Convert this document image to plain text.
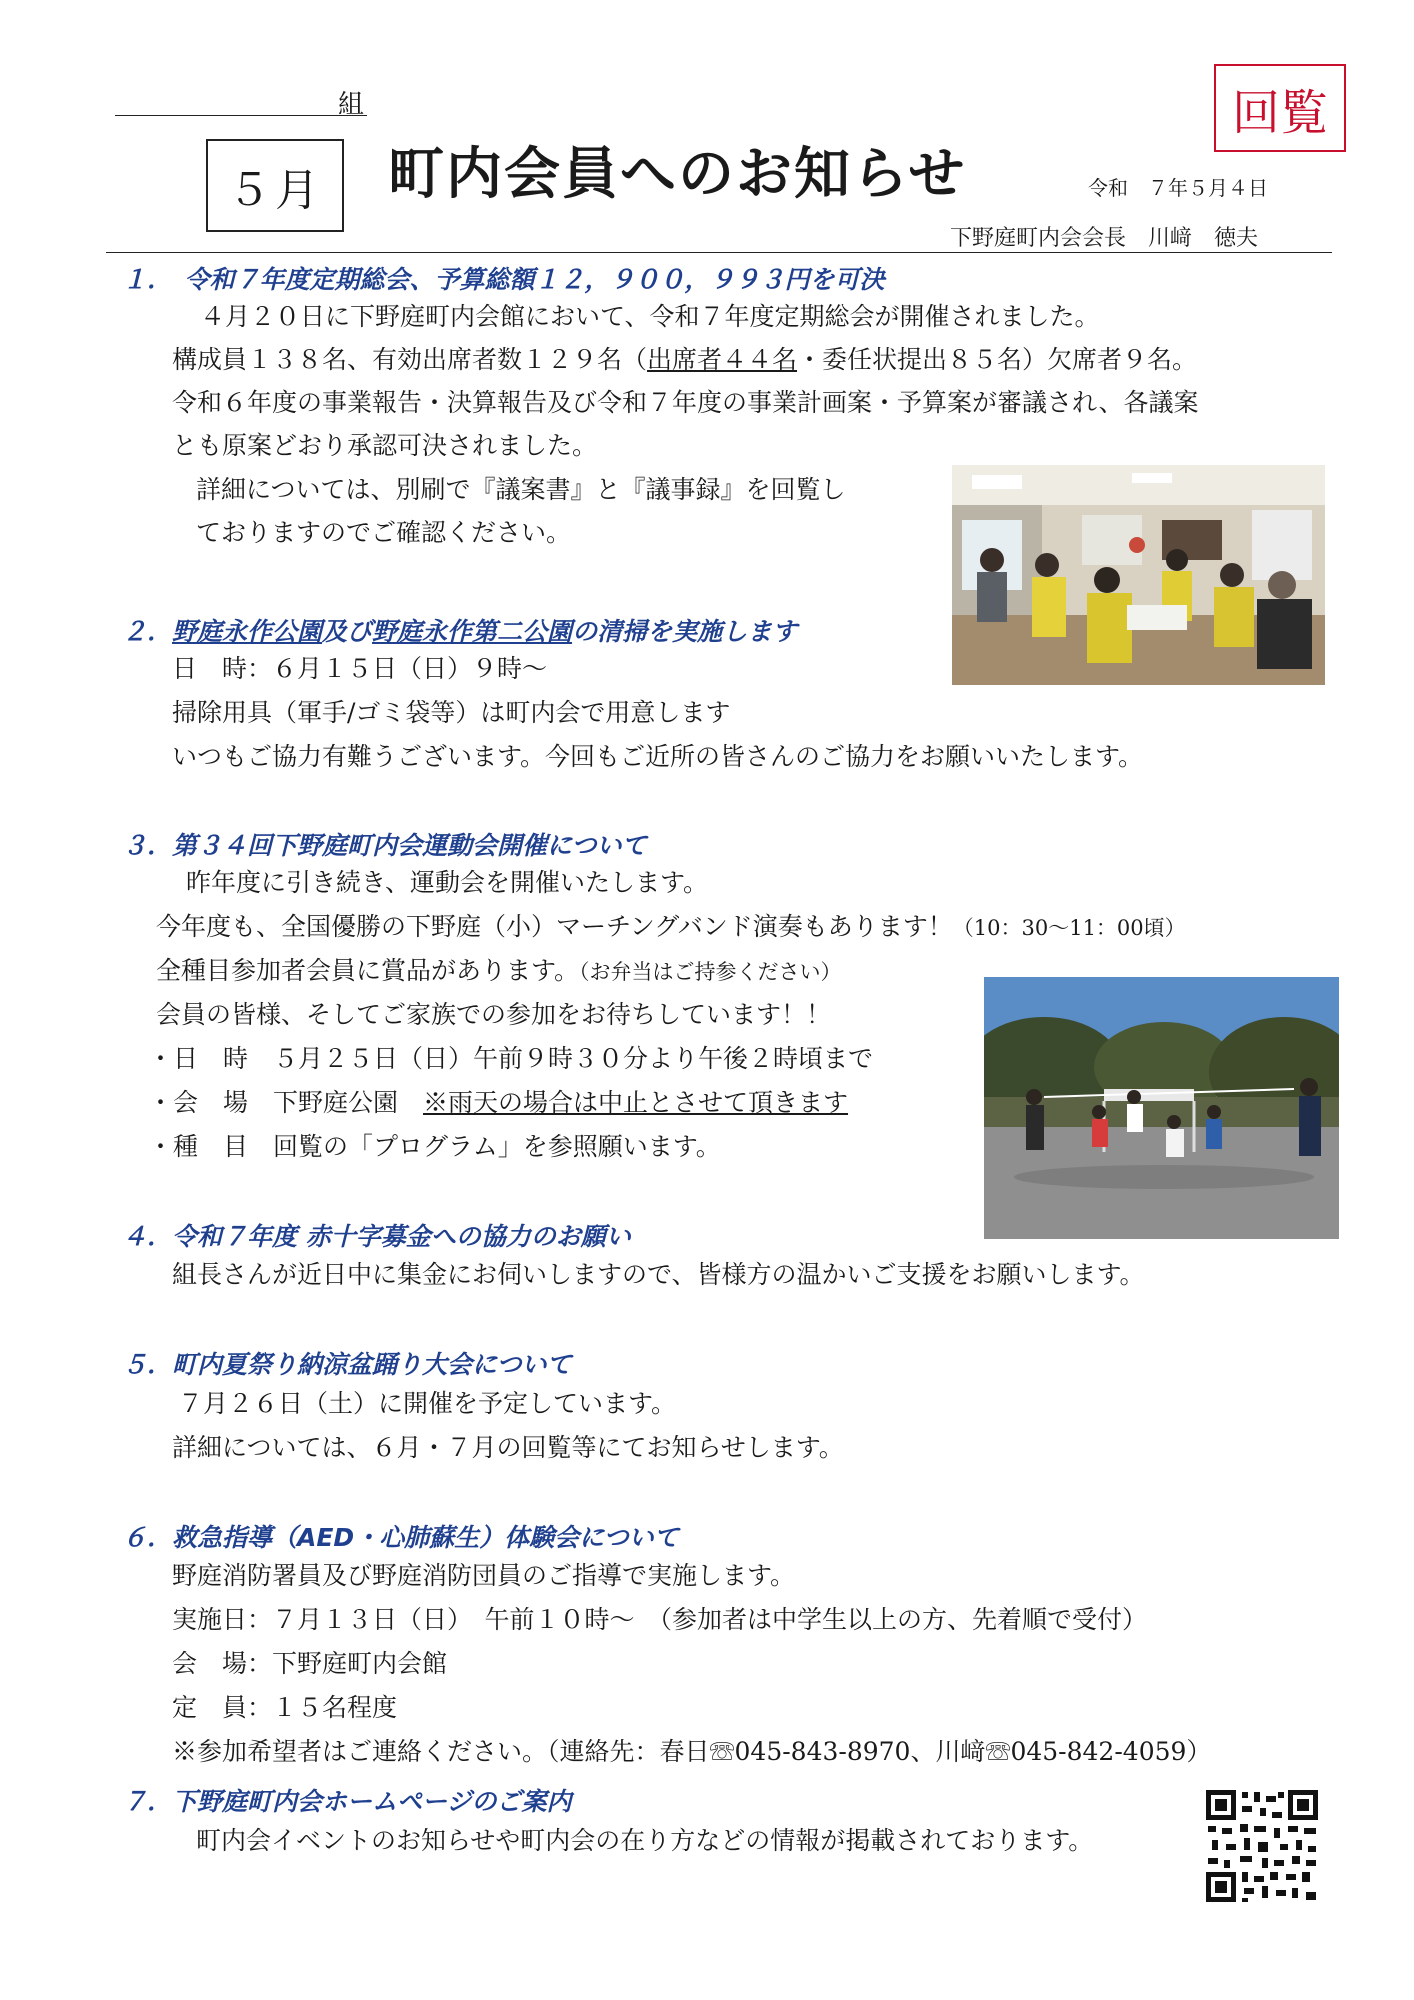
組
５月	町内会員へのお知らせ
回覧
令和　７年５月４日
下野庭町内会会長　川﨑　徳夫
１．　令和７年度定期総会、予算総額１２，９００，９９３円を可決
４月２０日に下野庭町内会館において、令和７年度定期総会が開催されました。
構成員１３８名、有効出席者数１２９名（出席者４４名・委任状提出８５名）欠席者９名。
令和６年度の事業報告・決算報告及び令和７年度の事業計画案・予算案が審議され、各議案
とも原案どおり承認可決されました。
詳細については、別刷で『議案書』と『議事録』を回覧し
ておりますのでご確認ください。
２．野庭永作公園及び野庭永作第二公園の清掃を実施します
日　時：６月１５日（日）９時～
掃除用具（軍手/ゴミ袋等）は町内会で用意します
いつもご協力有難うございます。今回もご近所の皆さんのご協力をお願いいたします。
３．第３４回下野庭町内会運動会開催について
昨年度に引き続き、運動会を開催いたします。
今年度も、全国優勝の下野庭（小）マーチングバンド演奏もあります！（10：30～11：00頃）
全種目参加者会員に賞品があります。（お弁当はご持参ください）
会員の皆様、そしてご家族での参加をお待ちしています！！
・日　時　５月２５日（日）午前９時３０分より午後２時頃まで
・会　場　下野庭公園　※雨天の場合は中止とさせて頂きます
・種　目　回覧の「プログラム」を参照願います。
４．令和７年度 赤十字募金への協力のお願い
組長さんが近日中に集金にお伺いしますので、皆様方の温かいご支援をお願いします。
５．町内夏祭り納涼盆踊り大会について
７月２６日（土）に開催を予定しています。
詳細については、６月・７月の回覧等にてお知らせします。
６．救急指導（AED・心肺蘇生）体験会について
野庭消防署員及び野庭消防団員のご指導で実施します。
実施日：７月１３日（日）　午前１０時～　（参加者は中学生以上の方、先着順で受付）
会　場：下野庭町内会館
定　員：１５名程度
※参加希望者はご連絡ください。（連絡先：春日☏045-843-8970、川﨑☏045-842-4059）
７．下野庭町内会ホームページのご案内
町内会イベントのお知らせや町内会の在り方などの情報が掲載されております。
